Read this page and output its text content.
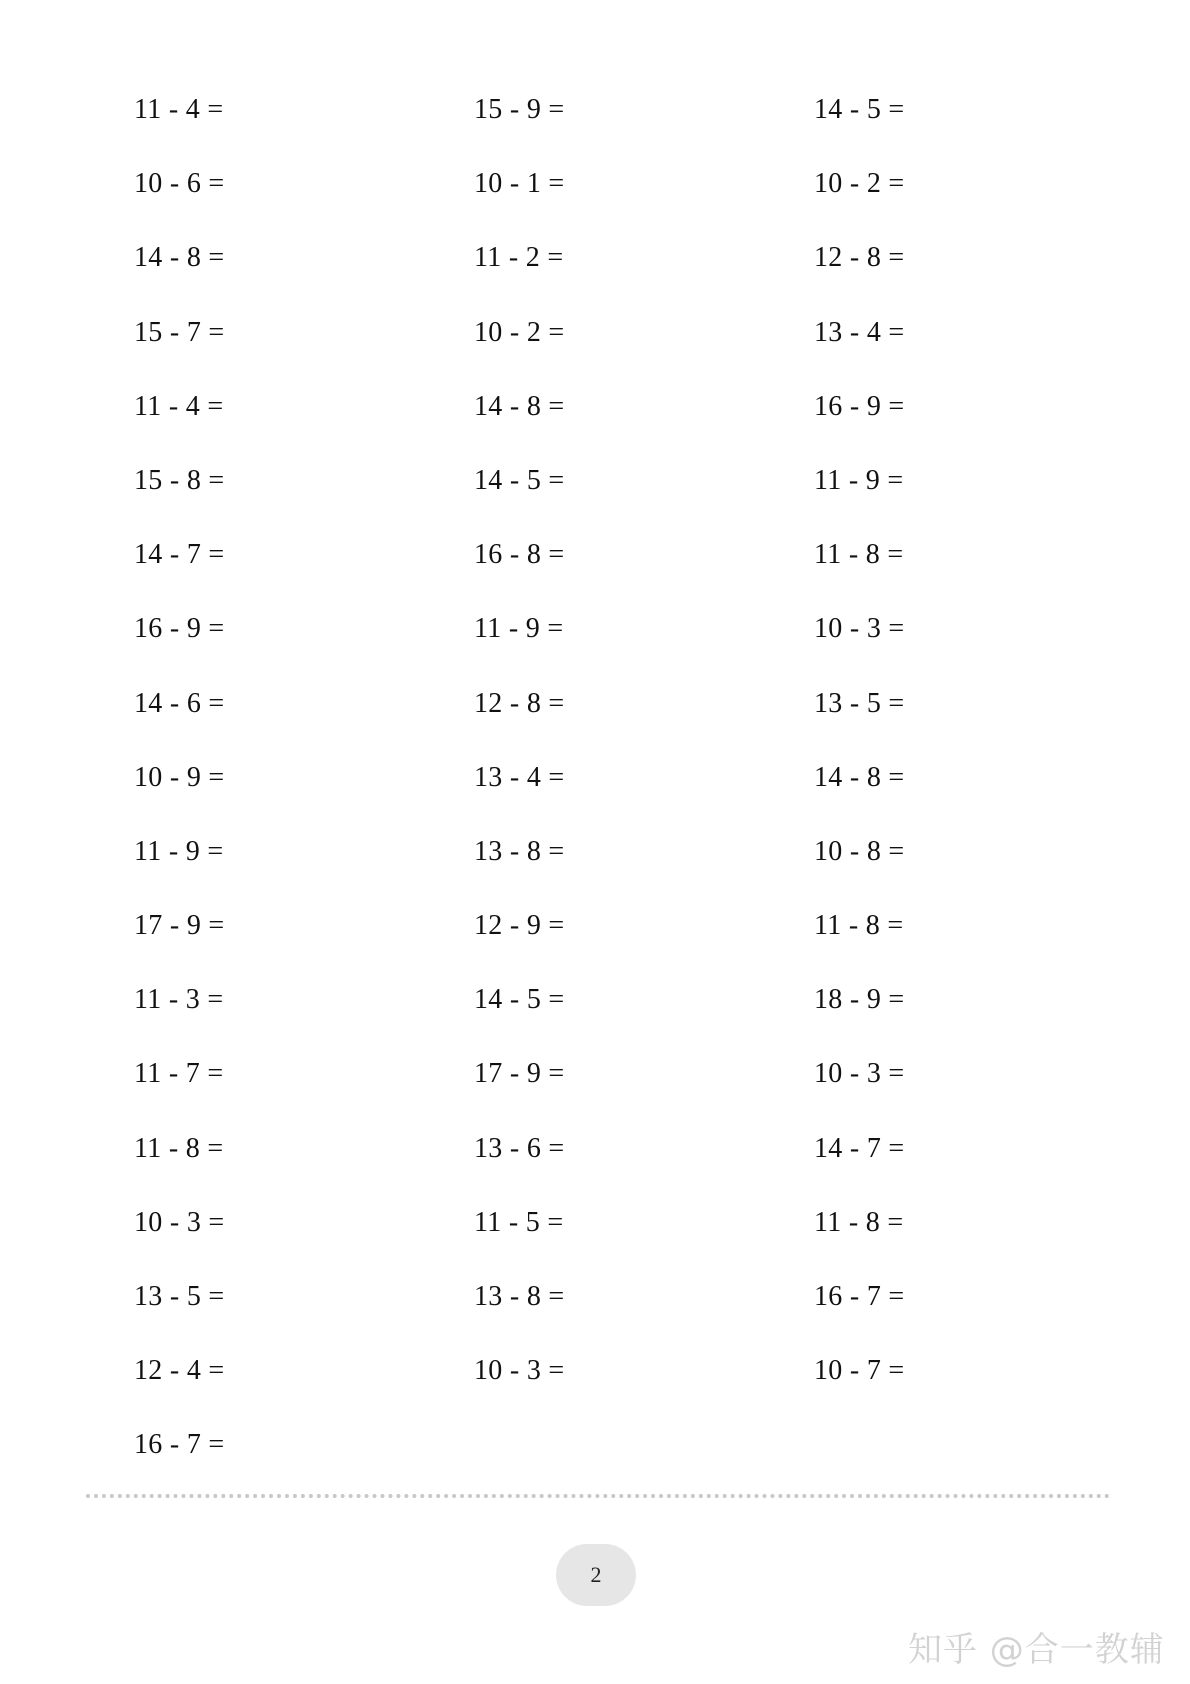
11 - 4 =
10 - 6 =
14 - 8 =
15 - 7 =
11 - 4 =
15 - 8 =
14 - 7 =
16 - 9 =
14 - 6 =
10 - 9 =
11 - 9 =
17 - 9 =
11 - 3 =
11 - 7 =
11 - 8 =
10 - 3 =
13 - 5 =
12 - 4 =
16 - 7 =
15 - 9 =
10 - 1 =
11 - 2 =
10 - 2 =
14 - 8 =
14 - 5 =
16 - 8 =
11 - 9 =
12 - 8 =
13 - 4 =
13 - 8 =
12 - 9 =
14 - 5 =
17 - 9 =
13 - 6 =
11 - 5 =
13 - 8 =
10 - 3 =
14 - 5 =
10 - 2 =
12 - 8 =
13 - 4 =
16 - 9 =
11 - 9 =
11 - 8 =
10 - 3 =
13 - 5 =
14 - 8 =
10 - 8 =
11 - 8 =
18 - 9 =
10 - 3 =
14 - 7 =
11 - 8 =
16 - 7 =
10 - 7 =
2
知乎 @合一教辅
